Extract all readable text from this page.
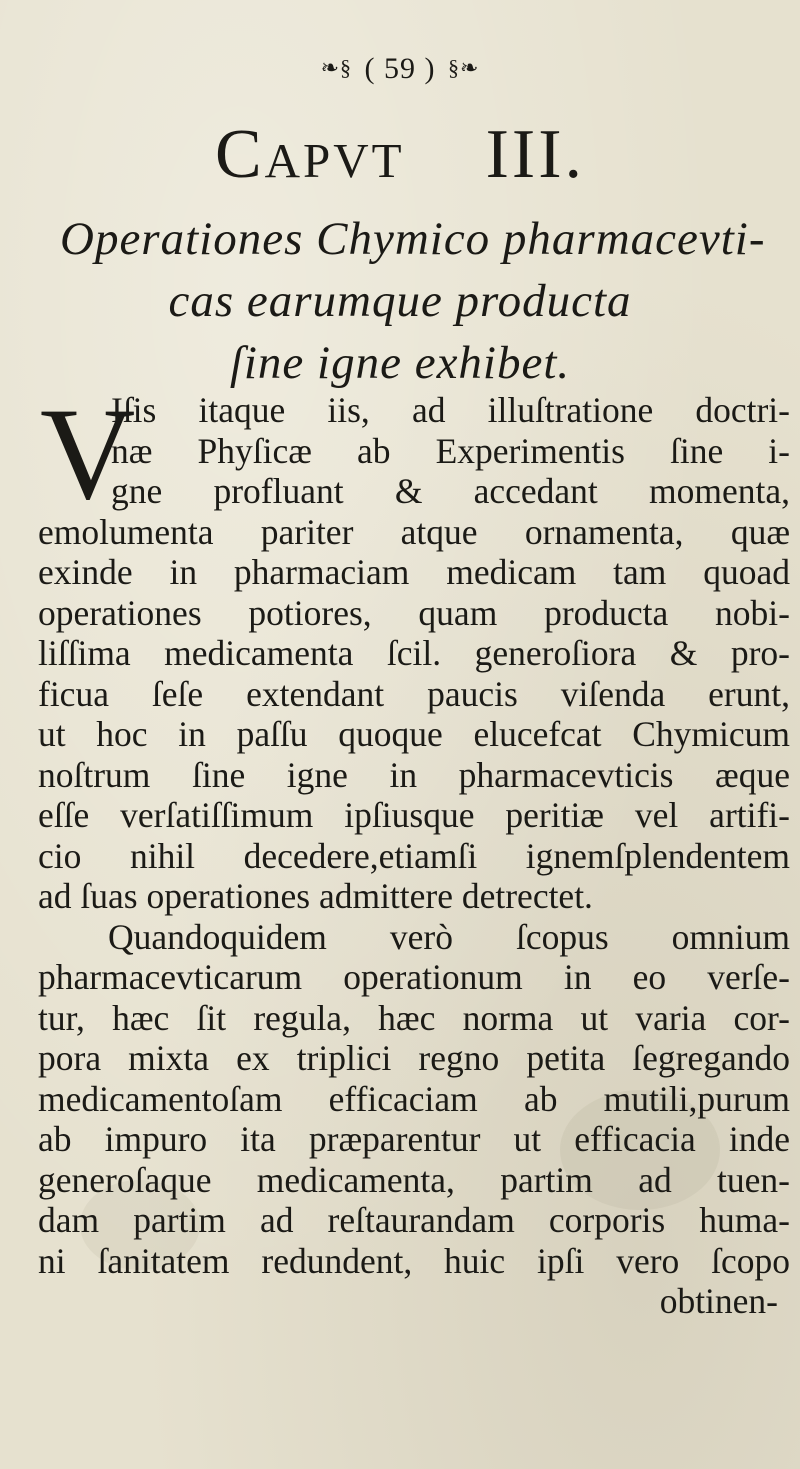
❧§ ( 59 ) §❧
Capvt III.
Operationes Chymico pharmacevti-
cas earumque producta
ſine igne exhibet.
V
Iſis itaque iis, ad illuſtratione doctri-
næ Phyſicæ ab Experimentis ſine i-
gne profluant & accedant momenta,
emolumenta pariter atque ornamenta, quæ
exinde in pharmaciam medicam tam quoad
operationes potiores, quam producta nobi-
liſſima medicamenta ſcil. generoſiora & pro-
ficua ſeſe extendant paucis viſenda erunt,
ut hoc in paſſu quoque elucefcat Chymicum
noſtrum ſine igne in pharmacevticis æque
eſſe verſatiſſimum ipſiusque peritiæ vel artifi-
cio nihil decedere,etiamſi ignemſplendentem
ad ſuas operationes admittere detrectet.
Quandoquidem verò ſcopus omnium
pharmacevticarum operationum in eo verſe-
tur, hæc ſit regula, hæc norma ut varia cor-
pora mixta ex triplici regno petita ſegregando
medicamentoſam efficaciam ab mutili,purum
ab impuro ita præparentur ut efficacia inde
generoſaque medicamenta, partim ad tuen-
dam partim ad reſtaurandam corporis huma-
ni ſanitatem redundent, huic ipſi vero ſcopo
obtinen-
